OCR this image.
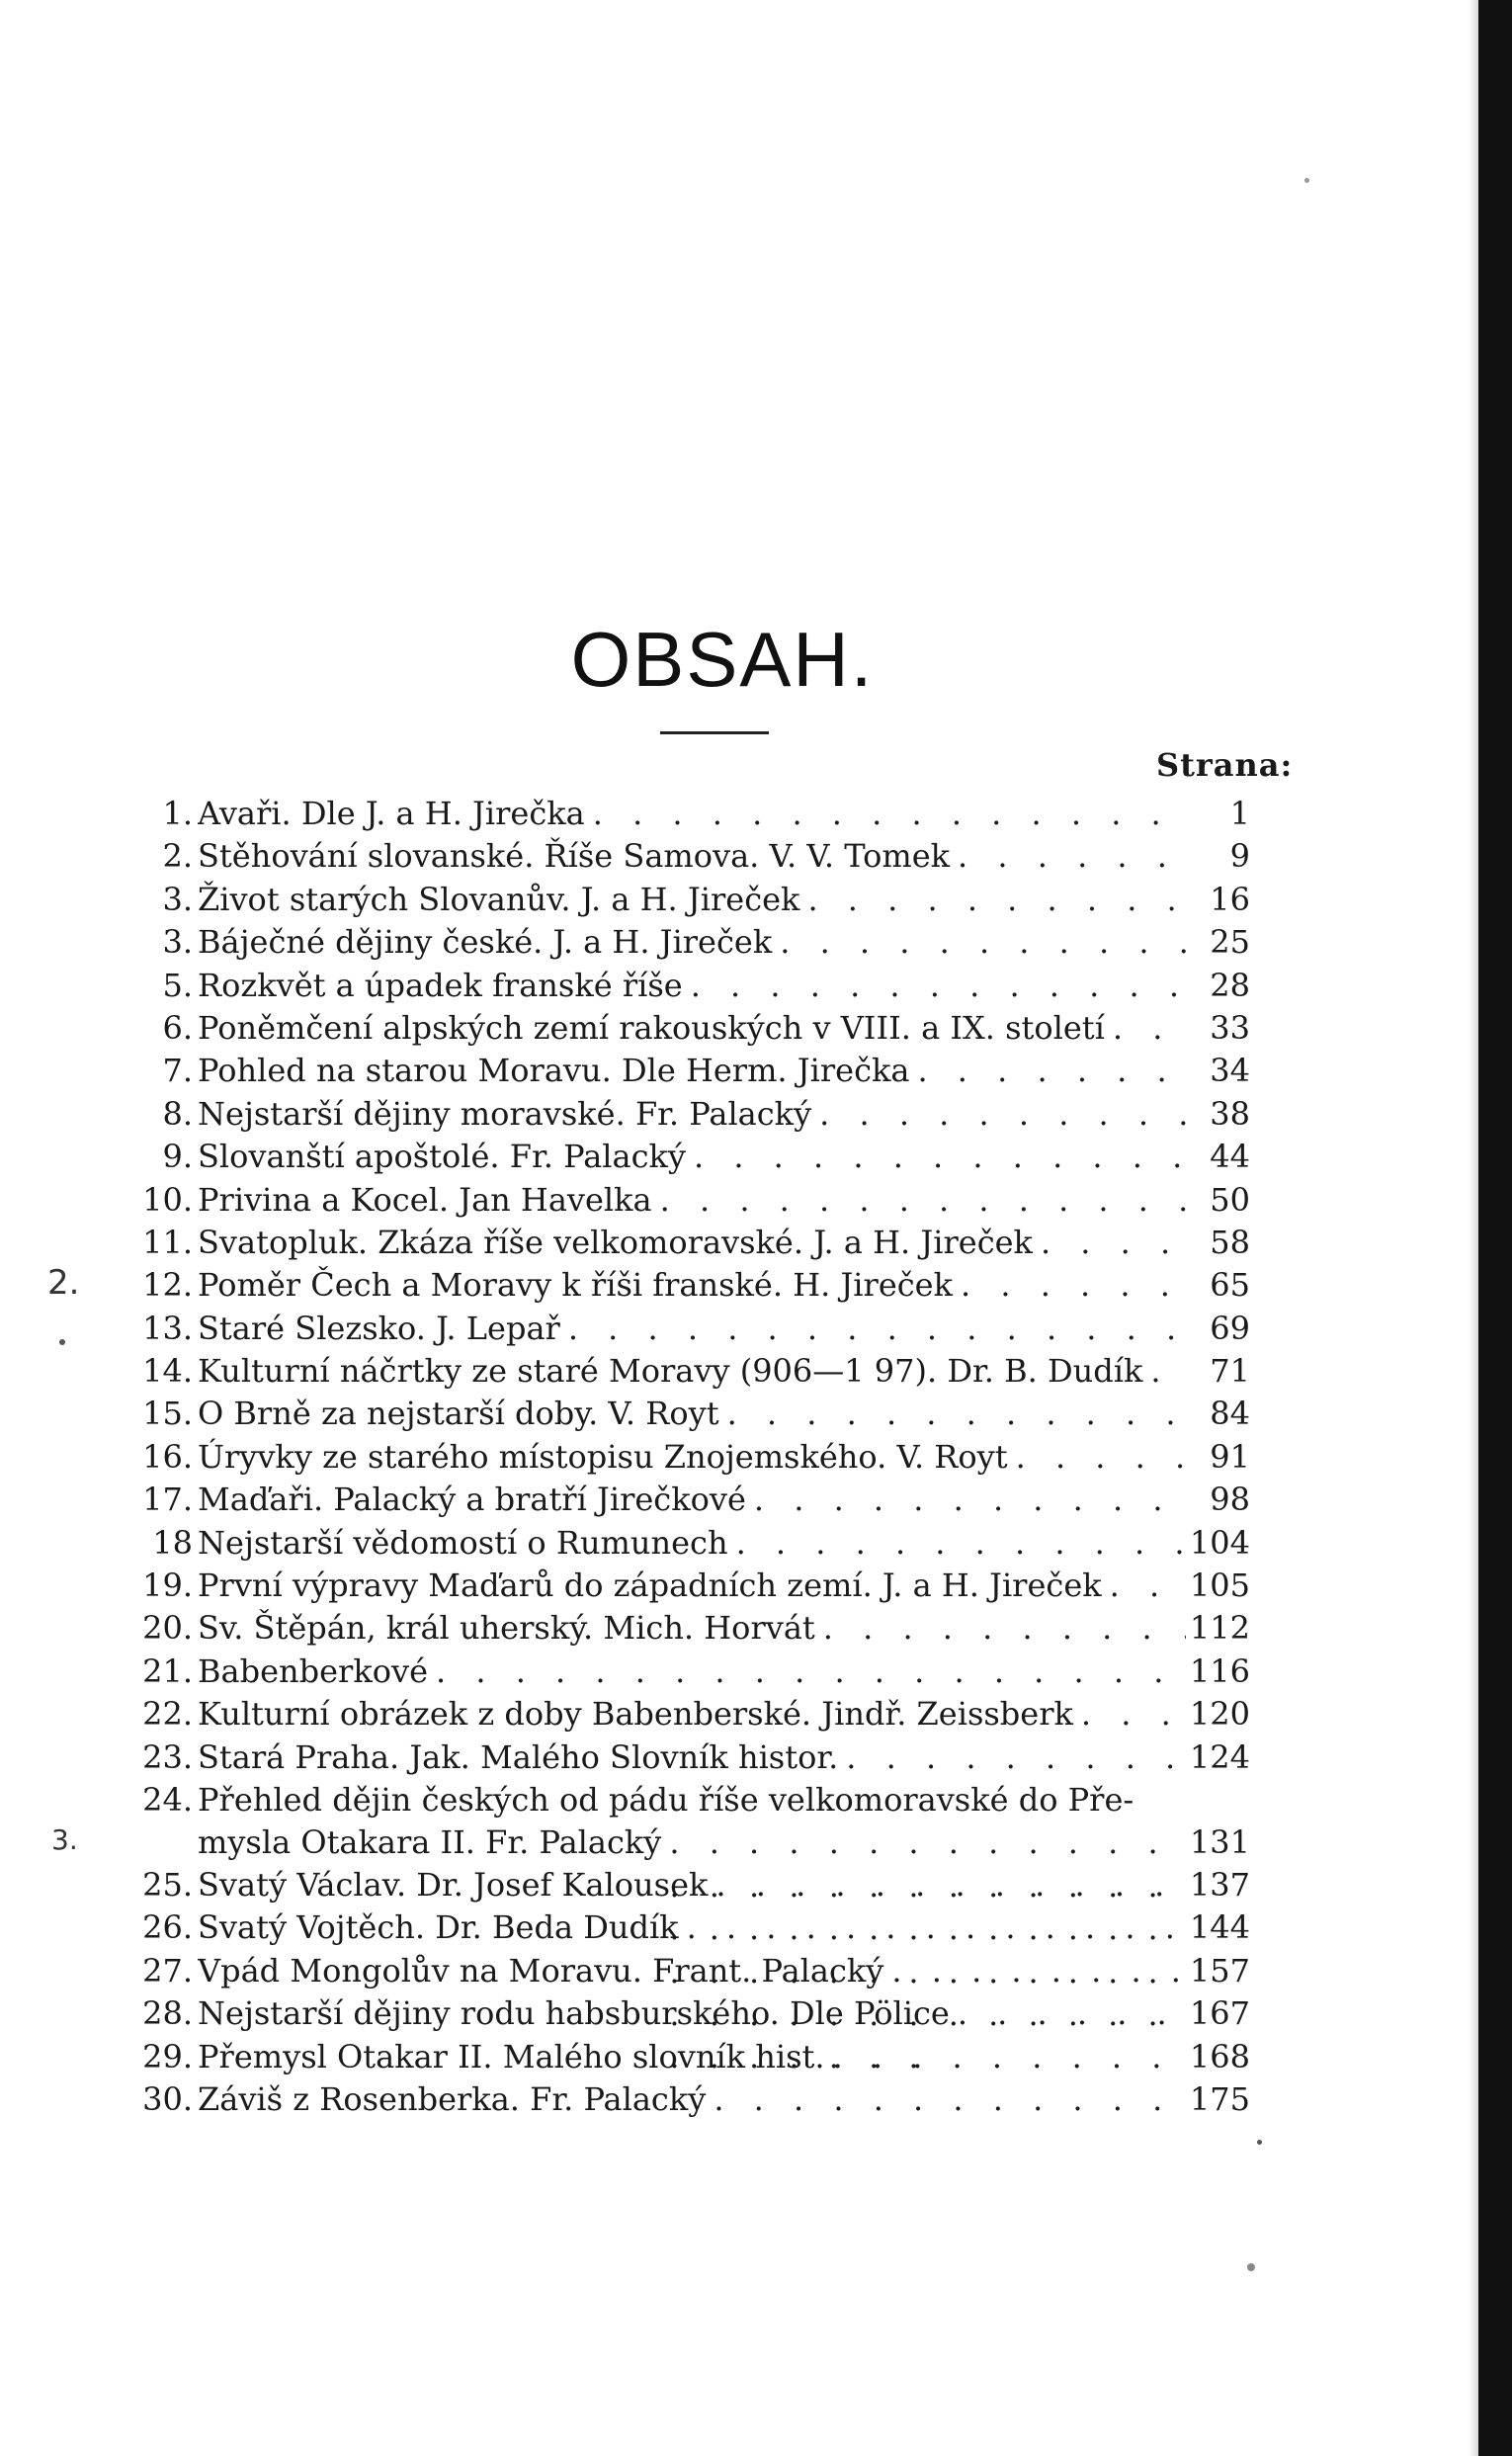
OBSAH.
Strana:
2.
3.
1. Avaři. Dle J. a H. Jirečka . . .	1
2. Stěhování slovanské. Říše Samova. V. V. Tomek . . .	9
3. Život starých Slovanův. J. a H. Jireček . . .	16
3. Báječné dějiny české. J. a H. Jireček . . .	25
5. Rozkvět a úpadek franské říše . . .	28
6. Poněmčení alpských zemí rakouských v VIII. a IX. století . . .	33
7. Pohled na starou Moravu. Dle Herm. Jirečka . . .	34
8. Nejstarší dějiny moravské. Fr. Palacký . . .	38
9. Slovanští apoštolé. Fr. Palacký . . .	44
10. Privina a Kocel. Jan Havelka . . .	50
11. Svatopluk. Zkáza říše velkomoravské. J. a H. Jireček . . .	58
12. Poměr Čech a Moravy k říši franské. H. Jireček . . .	65
13. Staré Slezsko. J. Lepař . . .	69
14. Kulturní náčrtky ze staré Moravy (906—1 97). Dr. B. Dudík . . .	71
15. O Brně za nejstarší doby. V. Royt . . .	84
16. Úryvky ze starého místopisu Znojemského. V. Royt . . .	91
17. Maďaři. Palacký a bratří Jirečkové . . .	98
18 Nejstarší vědomostí o Rumunech . . .	104
19. První výpravy Maďarů do západních zemí. J. a H. Jireček . . .	105
20. Sv. Štěpán, král uherský. Mich. Horvát . . .	112
21. Babenberkové . . .	116
22. Kulturní obrázek z doby Babenberské. Jindř. Zeissberk . . .	120
23. Stará Praha. Jak. Malého Slovník histor. . . .	124
24. Přehled dějin českých od pádu říše velkomoravské do Pře-
mysla Otakara II. Fr. Palacký . . .	131
25. Svatý Václav. Dr. Josef Kalousek . . .	137
26. Svatý Vojtěch. Dr. Beda Dudík . . .	144
27. Vpád Mongolův na Moravu. Frant. Palacký . . .	157
28. Nejstarší dějiny rodu habsburského. Dle Pölice . . .	167
29. Přemysl Otakar II. Malého slovník hist. . . .	168
30. Záviš z Rosenberka. Fr. Palacký . . .	175
